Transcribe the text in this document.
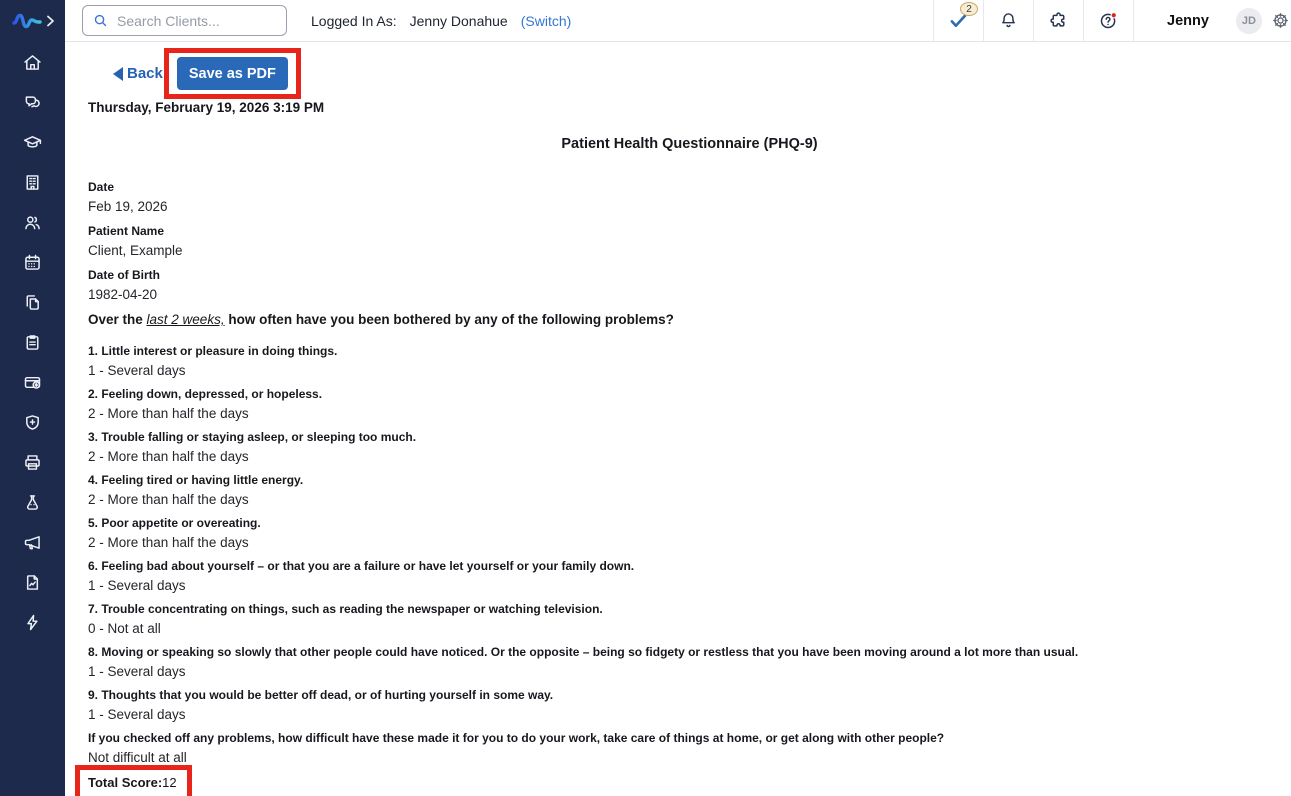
Search Clients...
Logged In As: Jenny Donahue (Switch)
2
Jenny	JD
Back	Save as PDF
Thursday, February 19, 2026 3:19 PM
Patient Health Questionnaire (PHQ-9)
Date
Feb 19, 2026
Patient Name
Client, Example
Date of Birth
1982-04-20
Over the last 2 weeks, how often have you been bothered by any of the following problems?
1. Little interest or pleasure in doing things.
1 - Several days
2. Feeling down, depressed, or hopeless.
2 - More than half the days
3. Trouble falling or staying asleep, or sleeping too much.
2 - More than half the days
4. Feeling tired or having little energy.
2 - More than half the days
5. Poor appetite or overeating.
2 - More than half the days
6. Feeling bad about yourself – or that you are a failure or have let yourself or your family down.
1 - Several days
7. Trouble concentrating on things, such as reading the newspaper or watching television.
0 - Not at all
8. Moving or speaking so slowly that other people could have noticed. Or the opposite – being so fidgety or restless that you have been moving around a lot more than usual.
1 - Several days
9. Thoughts that you would be better off dead, or of hurting yourself in some way.
1 - Several days
If you checked off any problems, how difficult have these made it for you to do your work, take care of things at home, or get along with other people?
Not difficult at all
Total Score:12
